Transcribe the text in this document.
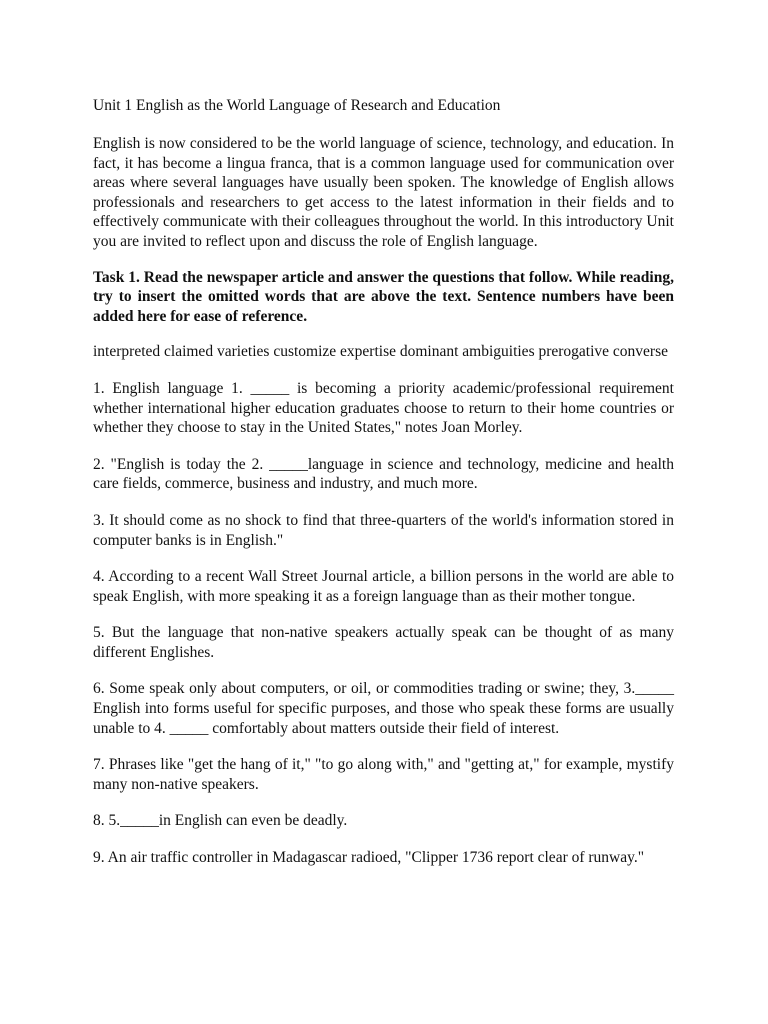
Unit 1 English as the World Language of Research and Education

English is now considered to be the world language of science, technology, and education. In fact, it has become a lingua franca, that is a common language used for communication over areas where several languages have usually been spoken. The knowledge of English allows professionals and researchers to get access to the latest information in their fields and to effectively communicate with their colleagues throughout the world. In this introductory Unit you are invited to reflect upon and discuss the role of English language.

Task 1. Read the newspaper article and answer the questions that follow. While reading, try to insert the omitted words that are above the text. Sentence numbers have been added here for ease of reference.

interpreted claimed varieties customize expertise dominant ambiguities prerogative converse

1. English language 1. _____ is becoming a priority academic/professional requirement whether international higher education graduates choose to return to their home countries or whether they choose to stay in the United States," notes Joan Morley.

2. "English is today the 2. _____language in science and technology, medicine and health care fields, commerce, business and industry, and much more.

3. It should come as no shock to find that three-quarters of the world's information stored in computer banks is in English."

4. According to a recent Wall Street Journal article, a billion persons in the world are able to speak English, with more speaking it as a foreign language than as their mother tongue.

5. But the language that non-native speakers actually speak can be thought of as many different Englishes.

6. Some speak only about computers, or oil, or commodities trading or swine; they, 3._____ English into forms useful for specific purposes, and those who speak these forms are usually unable to 4. _____ comfortably about matters outside their field of interest.

7. Phrases like "get the hang of it," "to go along with," and "getting at," for example, mystify many non-native speakers.

8. 5._____in English can even be deadly.

9. An air traffic controller in Madagascar radioed, "Clipper 1736 report clear of runway."
